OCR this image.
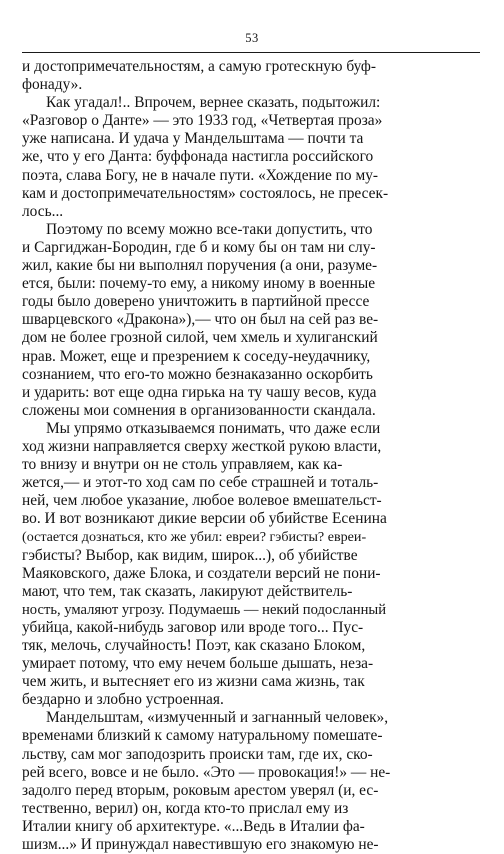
53
и достопримечательностям, а самую гротескную буф-
фонаду».
Как угадал!.. Впрочем, вернее сказать, подытожил:
«Разговор о Данте» — это 1933 год, «Четвертая проза»
уже написана. И удача у Мандельштама — почти та
же, что у его Данта: буффонада настигла российского
поэта, слава Богу, не в начале пути. «Хождение по му-
кам и достопримечательностям» состоялось, не пресек-
лось...
Поэтому по всему можно все-таки допустить, что
и Саргиджан-Бородин, где б и кому бы он там ни слу-
жил, какие бы ни выполнял поручения (а они, разуме-
ется, были: почему-то ему, а никому иному в военные
годы было доверено уничтожить в партийной прессе
шварцевского «Дракона»),— что он был на сей раз ве-
дом не более грозной силой, чем хмель и хулиганский
нрав. Может, еще и презрением к соседу-неудачнику,
сознанием, что его-то можно безнаказанно оскорбить
и ударить: вот еще одна гирька на ту чашу весов, куда
сложены мои сомнения в организованности скандала.
Мы упрямо отказываемся понимать, что даже если
ход жизни направляется сверху жесткой рукою власти,
то внизу и внутри он не столь управляем, как ка-
жется,— и этот-то ход сам по себе страшней и тоталь-
ней, чем любое указание, любое волевое вмешательст-
во. И вот возникают дикие версии об убийстве Есенина
(остается дознаться, кто же убил: евреи? гэбисты? евреи-
гэбисты? Выбор, как видим, широк...), об убийстве
Маяковского, даже Блока, и создатели версий не пони-
мают, что тем, так сказать, лакируют действитель-
ность, умаляют угрозу. Подумаешь — некий подосланный
убийца, какой-нибудь заговор или вроде того... Пус-
тяк, мелочь, случайность! Поэт, как сказано Блоком,
умирает потому, что ему нечем больше дышать, неза-
чем жить, и вытесняет его из жизни сама жизнь, так
бездарно и злобно устроенная.
Мандельштам, «измученный и загнанный человек»,
временами близкий к самому натуральному помешате-
льству, сам мог заподозрить происки там, где их, ско-
рей всего, вовсе и не было. «Это — провокация!» — не-
задолго перед вторым, роковым арестом уверял (и, ес-
тественно, верил) он, когда кто-то прислал ему из
Италии книгу об архитектуре. «...Ведь в Италии фа-
шизм...» И принуждал навестившую его знакомую не-
